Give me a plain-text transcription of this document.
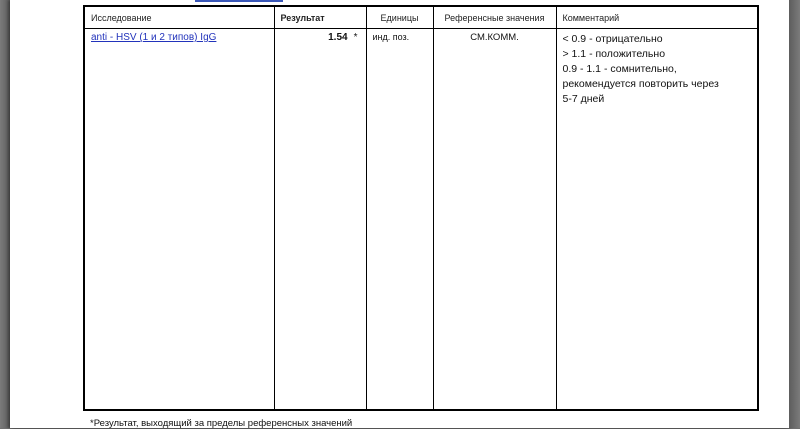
Исследование	Результат	Единицы	Референсные значения	Комментарий
anti - HSV (1 и 2 типов) IgG	1.54 *	инд. поз.	СМ.КОММ.	< 0.9 - отрицательно
> 1.1 - положительно
0.9 - 1.1 - сомнительно,
рекомендуется повторить через
5-7 дней
*Результат, выходящий за пределы референсных значений
